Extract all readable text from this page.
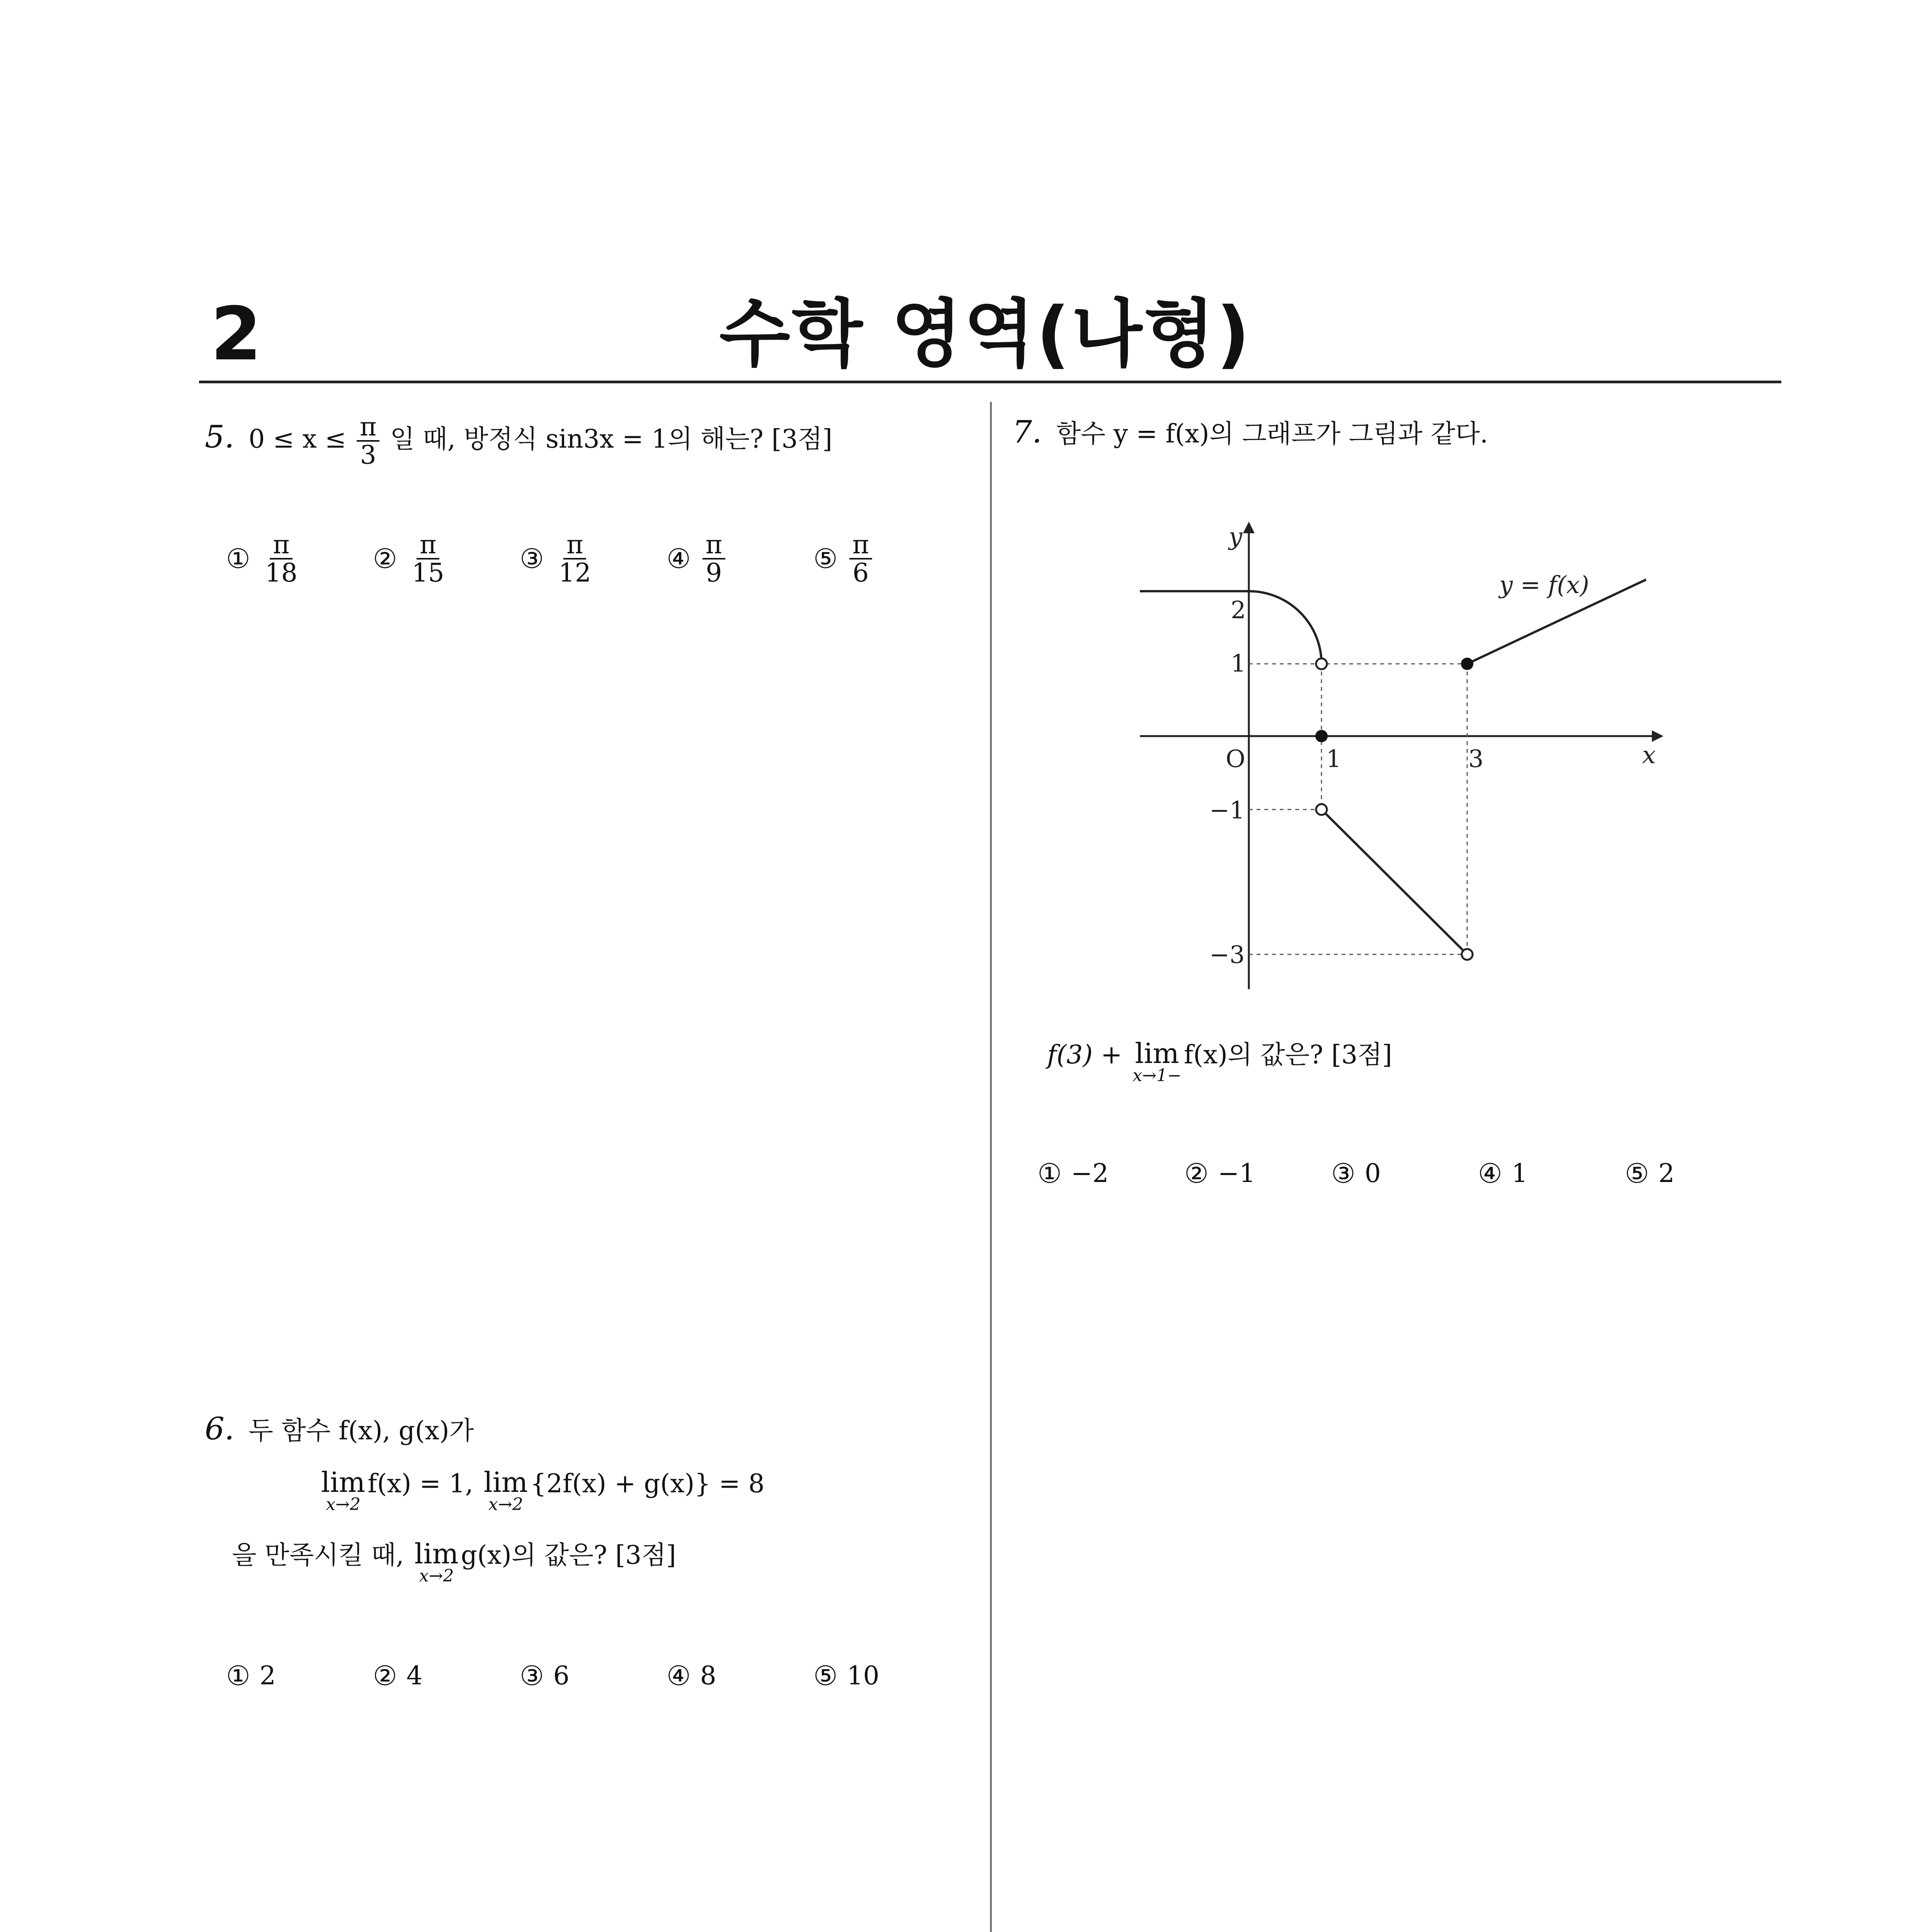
2	수학 영역(나형)
5. $0 \le x \le \frac{\pi}{3}$ 일 때, 방정식 sin3x = 1의 해는? [3점]
① $\frac{\pi}{18}$	② $\frac{\pi}{15}$	③ $\frac{\pi}{12}$	④ $\frac{\pi}{9}$	⑤ $\frac{\pi}{6}$
6. 두 함수 f(x), g(x)가
lim
x→2
f(x) = 1, lim
x→2
{2f(x) + g(x)} = 8
을 만족시킬 때, lim
x→2
g(x)의 값은? [3점]
① 2	② 4	③ 6	④ 8	⑤ 10
7. 함수 y = f(x)의 그래프가 그림과 같다.
y
x
O	1	3
2
1
−1
−3
y = f(x)
f(3) + lim
x→1−
f(x)의 값은? [3점]
① −2	② −1	③ 0	④ 1	⑤ 2
